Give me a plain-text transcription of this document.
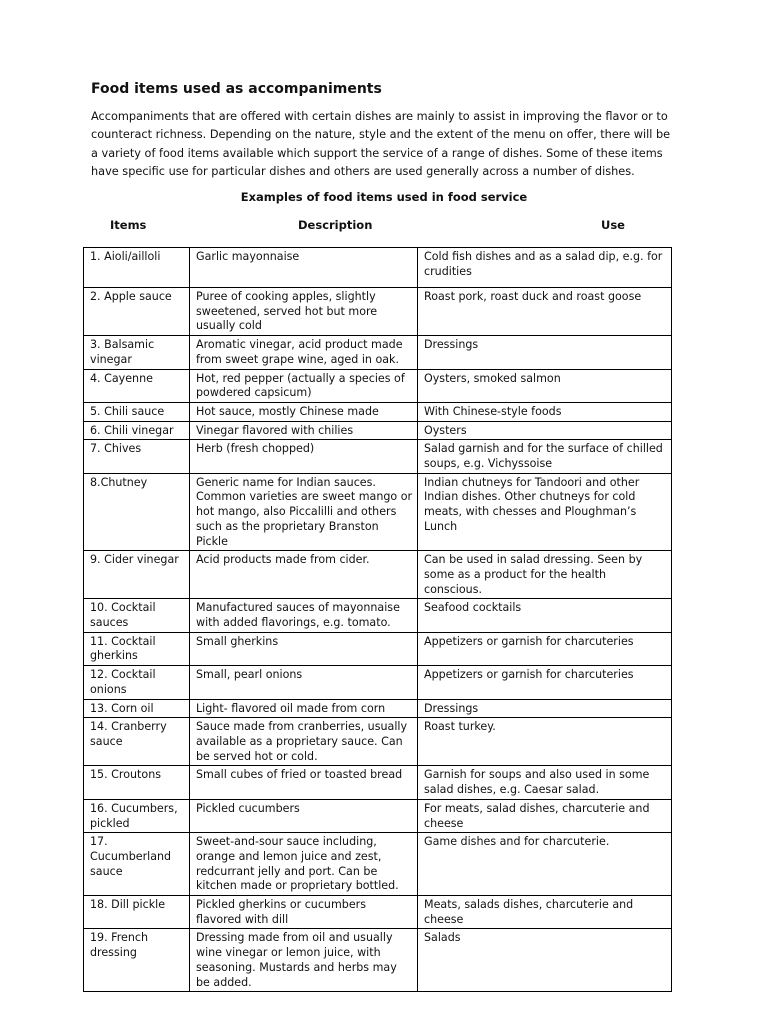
Food items used as accompaniments

Accompaniments that are offered with certain dishes are mainly to assist in improving the flavor or to counteract richness. Depending on the nature, style and the extent of the menu on offer, there will be a variety of food items available which support the service of a range of dishes. Some of these items have specific use for particular dishes and others are used generally across a number of dishes.

Examples of food items used in food service
Items	Description	Use
1. Aioli/ailloli	Garlic mayonnaise	Cold fish dishes and as a salad dip, e.g. for crudities
2. Apple sauce	Puree of cooking apples, slightly sweetened, served hot but more usually cold	Roast pork, roast duck and roast goose
3. Balsamic vinegar	Aromatic vinegar, acid product made from sweet grape wine, aged in oak.	Dressings
4. Cayenne	Hot, red pepper (actually a species of powdered capsicum)	Oysters, smoked salmon
5. Chili sauce	Hot sauce, mostly Chinese made	With Chinese-style foods
6. Chili vinegar	Vinegar flavored with chilies	Oysters
7. Chives	Herb (fresh chopped)	Salad garnish and for the surface of chilled soups, e.g. Vichyssoise
8.Chutney	Generic name for Indian sauces. Common varieties are sweet mango or hot mango, also Piccalilli and others such as the proprietary Branston Pickle	Indian chutneys for Tandoori and other Indian dishes. Other chutneys for cold meats, with chesses and Ploughman’s Lunch
9. Cider vinegar	Acid products made from cider.	Can be used in salad dressing. Seen by some as a product for the health conscious.
10. Cocktail sauces	Manufactured sauces of mayonnaise with added flavorings, e.g. tomato.	Seafood cocktails
11. Cocktail gherkins	Small gherkins	Appetizers or garnish for charcuteries
12. Cocktail onions	Small, pearl onions	Appetizers or garnish for charcuteries
13. Corn oil	Light- flavored oil made from corn	Dressings
14. Cranberry sauce	Sauce made from cranberries, usually available as a proprietary sauce. Can be served hot or cold.	Roast turkey.
15. Croutons	Small cubes of fried or toasted bread	Garnish for soups and also used in some salad dishes, e.g. Caesar salad.
16. Cucumbers, pickled	Pickled cucumbers	For meats, salad dishes, charcuterie and cheese
17. Cucumberland sauce	Sweet-and-sour sauce including, orange and lemon juice and zest, redcurrant jelly and port. Can be kitchen made or proprietary bottled.	Game dishes and for charcuterie.
18. Dill pickle	Pickled gherkins or cucumbers flavored with dill	Meats, salads dishes, charcuterie and cheese
19. French dressing	Dressing made from oil and usually wine vinegar or lemon juice, with seasoning. Mustards and herbs may be added.	Salads
